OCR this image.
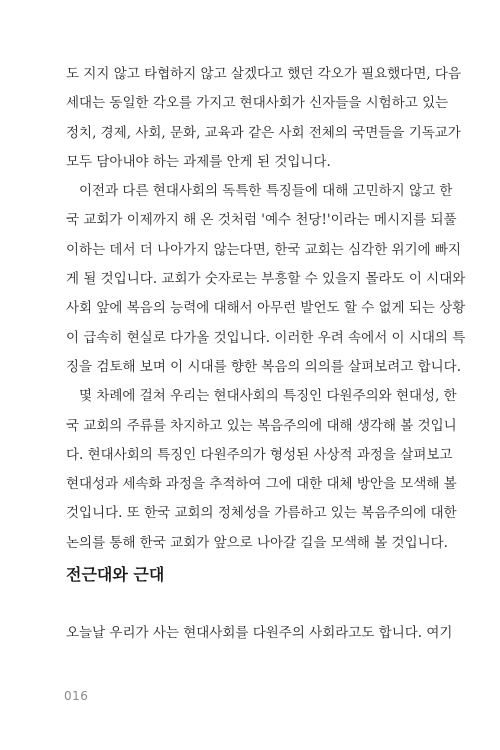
도 지지 않고 타협하지 않고 살겠다고 했던 각오가 필요했다면, 다음
세대는 동일한 각오를 가지고 현대사회가 신자들을 시험하고 있는
정치, 경제, 사회, 문화, 교육과 같은 사회 전체의 국면들을 기독교가
모두 담아내야 하는 과제를 안게 된 것입니다.
이전과 다른 현대사회의 독특한 특징들에 대해 고민하지 않고 한
국 교회가 이제까지 해 온 것처럼 '예수 천당!'이라는 메시지를 되풀
이하는 데서 더 나아가지 않는다면, 한국 교회는 심각한 위기에 빠지
게 될 것입니다. 교회가 숫자로는 부흥할 수 있을지 몰라도 이 시대와
사회 앞에 복음의 능력에 대해서 아무런 발언도 할 수 없게 되는 상황
이 급속히 현실로 다가올 것입니다. 이러한 우려 속에서 이 시대의 특
징을 검토해 보며 이 시대를 향한 복음의 의의를 살펴보려고 합니다.
몇 차례에 걸쳐 우리는 현대사회의 특징인 다원주의와 현대성, 한
국 교회의 주류를 차지하고 있는 복음주의에 대해 생각해 볼 것입니
다. 현대사회의 특징인 다원주의가 형성된 사상적 과정을 살펴보고
현대성과 세속화 과정을 추적하여 그에 대한 대체 방안을 모색해 볼
것입니다. 또 한국 교회의 정체성을 가름하고 있는 복음주의에 대한
논의를 통해 한국 교회가 앞으로 나아갈 길을 모색해 볼 것입니다.
전근대와 근대
오늘날 우리가 사는 현대사회를 다원주의 사회라고도 합니다. 여기
016
